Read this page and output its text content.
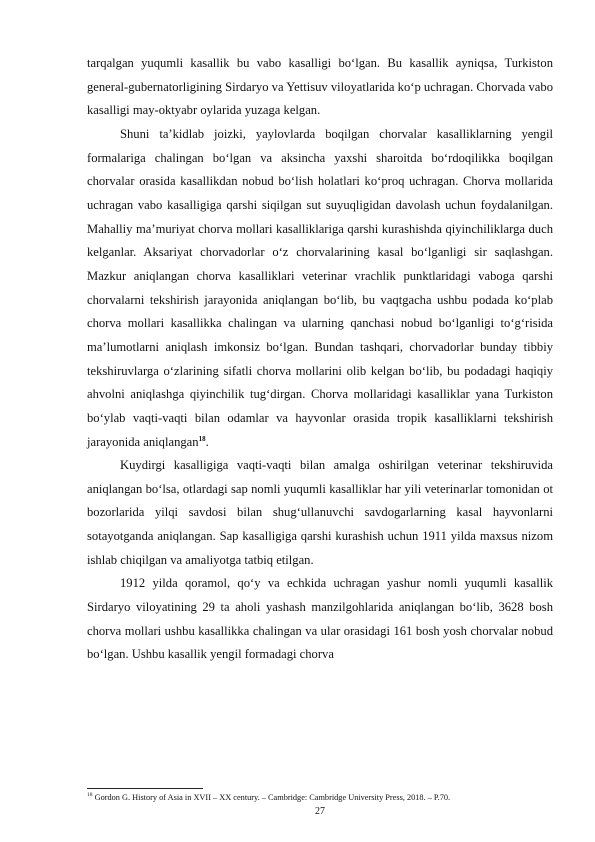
tarqalgan yuqumli kasallik bu vabo kasalligi bo‘lgan. Bu kasallik ayniqsa, Turkiston general-gubernatorligining Sirdaryo va Yettisuv viloyatlarida ko‘p uchragan. Chorvada vabo kasalligi may-oktyabr oylarida yuzaga kelgan.

Shuni taʼkidlab joizki, yaylovlarda boqilgan chorvalar kasalliklarning yengil formalariga chalingan bo‘lgan va aksincha yaxshi sharoitda bo‘rdoqilikka boqilgan chorvalar orasida kasallikdan nobud bo‘lish holatlari ko‘proq uchragan. Chorva mollarida uchragan vabo kasalligiga qarshi siqilgan sut suyuqligidan davolash uchun foydalanilgan. Mahalliy maʼmuriyat chorva mollari kasalliklariga qarshi kurashishda qiyinchiliklarga duch kelganlar. Aksariyat chorvadorlar o‘z chorvalarining kasal bo‘lganligi sir saqlashgan. Mazkur aniqlangan chorva kasalliklari veterinar vrachlik punktlaridagi vaboga qarshi chorvalarni tekshirish jarayonida aniqlangan bo‘lib, bu vaqtgacha ushbu podada ko‘plab chorva mollari kasallikka chalingan va ularning qanchasi nobud bo‘lganligi to‘g‘risida maʼlumotlarni aniqlash imkonsiz bo‘lgan. Bundan tashqari, chorvadorlar bunday tibbiy tekshiruvlarga o‘zlarining sifatli chorva mollarini olib kelgan bo‘lib, bu podadagi haqiqiy ahvolni aniqlashga qiyinchilik tug‘dirgan. Chorva mollaridagi kasalliklar yana Turkiston bo‘ylab vaqti-vaqti bilan odamlar va hayvonlar orasida tropik kasalliklarni tekshirish jarayonida aniqlangan$^{18}$.

Kuydirgi kasalligiga vaqti-vaqti bilan amalga oshirilgan veterinar tekshiruvida aniqlangan bo‘lsa, otlardagi sap nomli yuqumli kasalliklar har yili veterinarlar tomonidan ot bozorlarida yilqi savdosi bilan shug‘ullanuvchi savdogarlarning kasal hayvonlarni sotayotganda aniqlangan. Sap kasalligiga qarshi kurashish uchun 1911 yilda maxsus nizom ishlab chiqilgan va amaliyotga tatbiq etilgan.

1912 yilda qoramol, qo‘y va echkida uchragan yashur nomli yuqumli kasallik Sirdaryo viloyatining 29 ta aholi yashash manzilgohlarida aniqlangan bo‘lib, 3628 bosh chorva mollari ushbu kasallikka chalingan va ular orasidagi 161 bosh yosh chorvalar nobud bo‘lgan. Ushbu kasallik yengil formadagi chorva

$^{18}$ Gordon G. History of Asia in XVII – XX century. – Cambridge: Cambridge University Press, 2018. – P.70.
27
